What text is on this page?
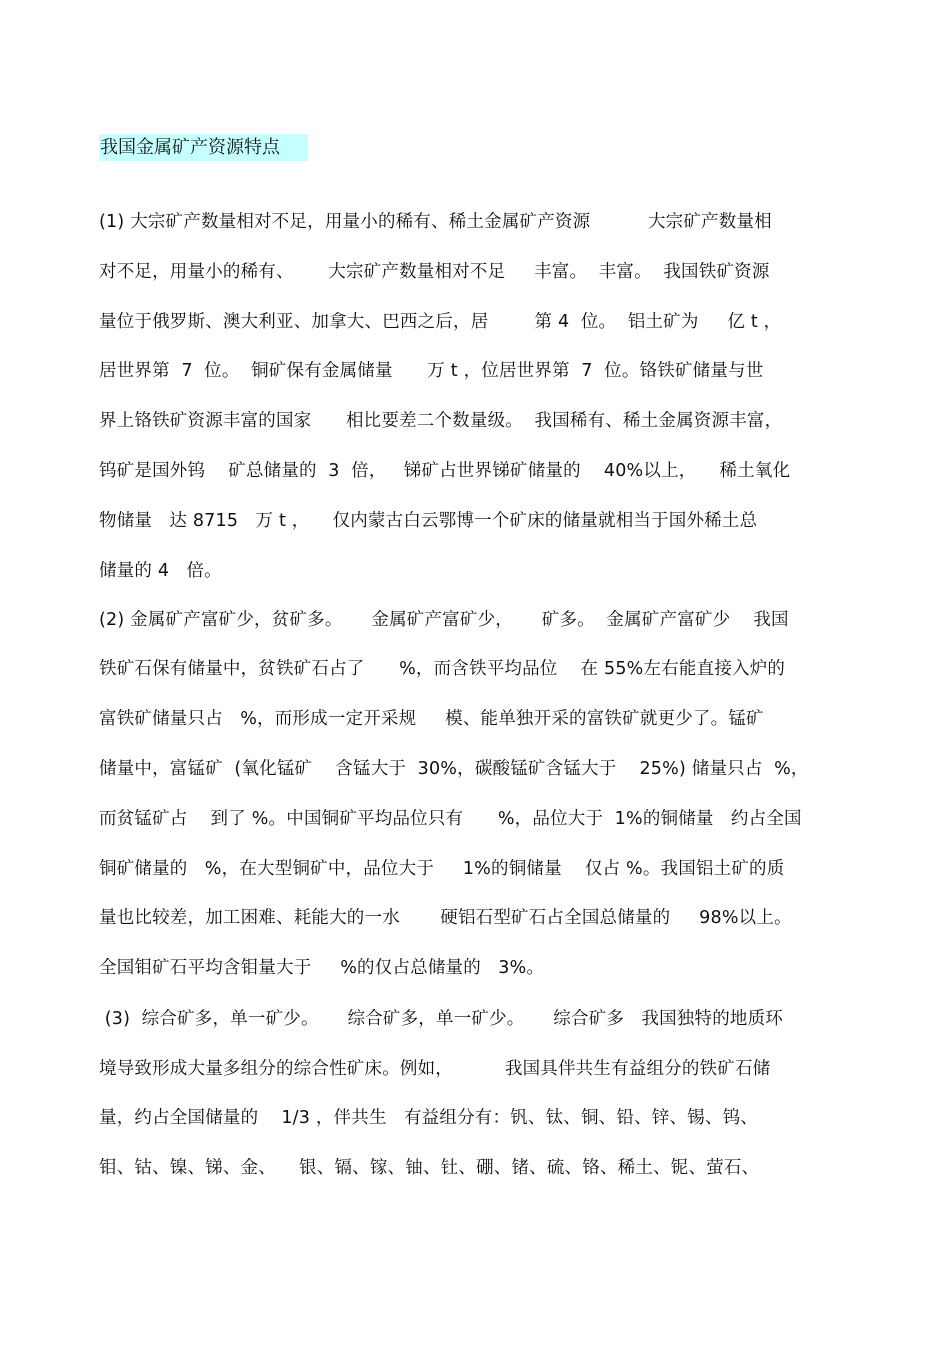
我国金属矿产资源特点
(1) 大宗矿产数量相对不足，用量小的稀有、稀土金属矿产资源          大宗矿产数量相
对不足，用量小的稀有、      大宗矿产数量相对不足     丰富。  丰富。  我国铁矿资源
量位于俄罗斯、澳大利亚、加拿大、巴西之后，居        第 4  位。  铝土矿为     亿 t ，
居世界第  7  位。  铜矿保有金属储量      万 t ，位居世界第  7  位。铬铁矿储量与世
界上铬铁矿资源丰富的国家      相比要差二个数量级。  我国稀有、稀土金属资源丰富，
钨矿是国外钨    矿总储量的  3  倍，   锑矿占世界锑矿储量的    40%以上，    稀土氧化
物储量   达 8715   万 t ，    仅内蒙古白云鄂博一个矿床的储量就相当于国外稀土总
储量的 4   倍。
(2) 金属矿产富矿少，贫矿多。     金属矿产富矿少，     矿多。  金属矿产富矿少    我国
铁矿石保有储量中，贫铁矿石占了      %，而含铁平均品位    在 55%左右能直接入炉的
富铁矿储量只占   %，而形成一定开采规     模、能单独开采的富铁矿就更少了。锰矿
储量中，富锰矿  (氧化锰矿    含锰大于  30%，碳酸锰矿含锰大于    25%) 储量只占  %，
而贫锰矿占    到了 %。中国铜矿平均品位只有      %，品位大于  1%的铜储量   约占全国
铜矿储量的   %，在大型铜矿中，品位大于     1%的铜储量    仅占 %。我国铝土矿的质
量也比较差，加工困难、耗能大的一水       硬铝石型矿石占全国总储量的     98%以上。
全国钼矿石平均含钼量大于     %的仅占总储量的   3%。
(3)  综合矿多，单一矿少。     综合矿多，单一矿少。     综合矿多   我国独特的地质环
境导致形成大量多组分的综合性矿床。例如，         我国具伴共生有益组分的铁矿石储
量，约占全国储量的    1/3 ，伴共生   有益组分有：钒、钛、铜、铅、锌、锡、钨、
钼、钴、镍、锑、金、    银、镉、镓、铀、钍、硼、锗、硫、铬、稀土、铌、萤石、
